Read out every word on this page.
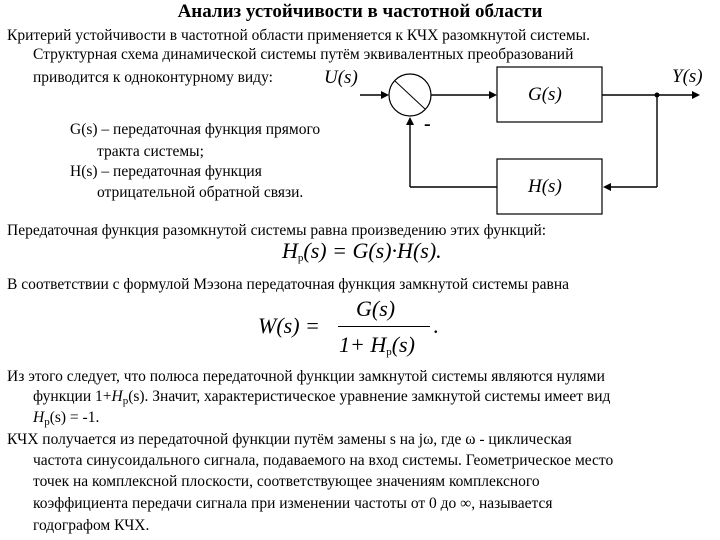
Анализ устойчивости в частотной области
Критерий устойчивости в частотной области применяется к КЧХ разомкнутой системы.
Структурная схема динамической системы путём эквивалентных преобразований
приводится к одноконтурному виду:	U(s)	Y(s)
G(s)
H(s)
-
G(s) – передаточная функция прямого
тракта системы;
H(s) – передаточная функция
отрицательной обратной связи.
Передаточная функция разомкнутой системы равна произведению этих функций:
$H_р(s) = G(s)\cdot H(s)$.
В соответствии с формулой Мэзона передаточная функция замкнутой системы равна
W(s) =
G(s)
$1+ H_р(s)$
.
Из этого следует, что полюса передаточной функции замкнутой системы являются нулями
функции $1+H_р(s)$. Значит, характеристическое уравнение замкнутой системы имеет вид
$H_р(s) = -1$.
КЧХ получается из передаточной функции путём замены s на jω, где ω - циклическая
частота синусоидального сигнала, подаваемого на вход системы. Геометрическое место
точек на комплексной плоскости, соответствующее значениям комплексного
коэффициента передачи сигнала при изменении частоты от 0 до ∞, называется
годографом КЧХ.
